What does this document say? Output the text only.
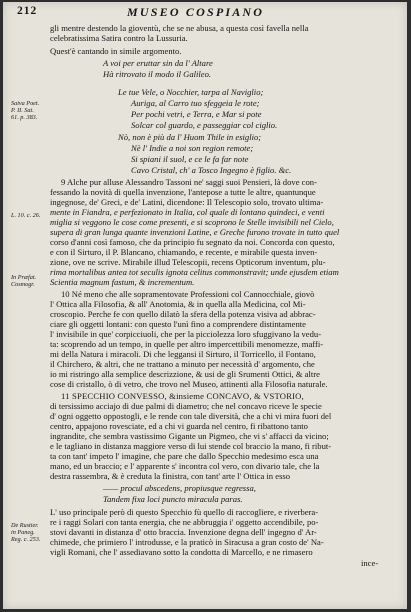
212	MUSEO COSPIANO
Saiva Poet.
P. II. Sat.
61. p. 383.
L. 10. c. 26.
In Præfat.
Cosmogr.
De Rustier.
in Paneg.
Reg. c. 253.
gli mentre destendo la gioventù, che se ne abusa, a questa così favella nella
celebratissima Satira contro la Lussuria.
Quest'è cantando in simile argomento.
A voi per eruttar sin da l' Altare
Hà ritrovato il modo il Galileo.
Le tue Vele, o Nocchier, tarpa al Naviglio;
Auriga, al Carro tuo sfeggeia le rote;
Per pochi vetri, e Terra, e Mar si pote
Solcar col guardo, e passeggiar col ciglio.
Nò, non è più da l' Huom Thile in esiglio;
Nè l' Indie a noi son region remote;
Si spiani il suol, e ce le fa far note
Cavo Cristal, ch' a Tosco Ingegno è figlio. &c.
9 Alche pur alluse Alessandro Tassoni ne' saggi suoi Pensieri, là dove con-
fessando la novità di quella invenzione, l'antepose a tutte le altre, quantunque
ingegnose, de' Greci, e de' Latini, dicendone: Il Telescopio solo, trovato ultima-
mente in Fiandra, e perfezionato in Italia, col quale di lontano quindeci, e venti
miglia si veggono le cose come presenti, e si scoprono le Stelle invisibili nel Cielo,
supera di gran lunga quante invenzioni Latine, e Greche furono trovate in tutto quel
corso d'anni così famoso, che da principio fu segnato da noi. Concorda con questo,
e con il Sirturo, il P. Blancano, chiamando, e recente, e mirabile questa inven-
zione, ove ne scrive. Mirabile illud Telescopii, recens Opticorum inventum, plu-
rima mortalibus antea tot seculis ignota celitus commonstravit; unde ejusdem etiam
Scientia magnum fastum, & incrementum.
10 Né meno che alle sopramentovate Professioni col Cannocchiale, giovò
l' Ottica alla Filosofia, & all' Anotomia, & in quella alla Medicina, col Mi-
croscopio. Perche fe con quello dilatò la sfera della potenza visiva ad abbrac-
ciare gli oggetti lontani: con questo l'unì fino a comprendere distintamente
l' invisibile in que' corpicciuoli, che per la picciolezza loro sfuggivano la vedu-
ta: scoprendo ad un tempo, in quelle per altro impercettibili menomezze, maffi-
mi della Natura i miracoli. Di che leggansi il Sirturo, il Torricello, il Fontano,
il Chirchero, & altri, che ne trattano a minuto per necessità d' argomento, che
io mi ristringo alla semplice descrizzione, & usi de gli Srumenti Ottici, & altre
cose di cristallo, ò di vetro, che trovo nel Museo, attinenti alla Filosofia naturale.
11 SPECCHIO CONVESSO, &insieme CONCAVO, & VSTORIO,
di tersissimo acciajo di due palmi di diametro; che nel concavo riceve le specie
d' ogni oggetto oppostogli, e le rende con tale diversità, che a chi vi mira fuori del
centro, appajono rovesciate, ed a chi vi guarda nel centro, fi ribattono tanto
ingrandite, che sembra vastissimo Gigante un Pigmeo, che vi s' affacci da vicino;
e le tagliano in distanza maggiore verso di lui stende col braccio la mano, fi ribut-
ta con tant' impeto l' imagine, che pare che dallo Specchio medesimo esca una
mano, ed un braccio; e l' apparente s' incontra col vero, con divario tale, che la
destra rassembra, & è creduta la finistra, con tant' arte l' Ottica in esso
—— procul abscedens, propiusque regressa,
Tandem fixa loci puncto miracula paras.
L' uso principale però di questo Specchio fù quello di raccogliere, e riverbera-
re i raggi Solari con tanta energia, che ne abbruggia i' oggetto accendibile, po-
stovi davanti in distanza d' otto braccia. Invenzione degna dell' ingegno d' Ar-
chimede, che primiero l' introdusse, e la praticò in Siracusa a gran costo de' Na-
vigli Romani, che l' assediavano sotto la condotta di Marcello, e ne rimasero
ince-
